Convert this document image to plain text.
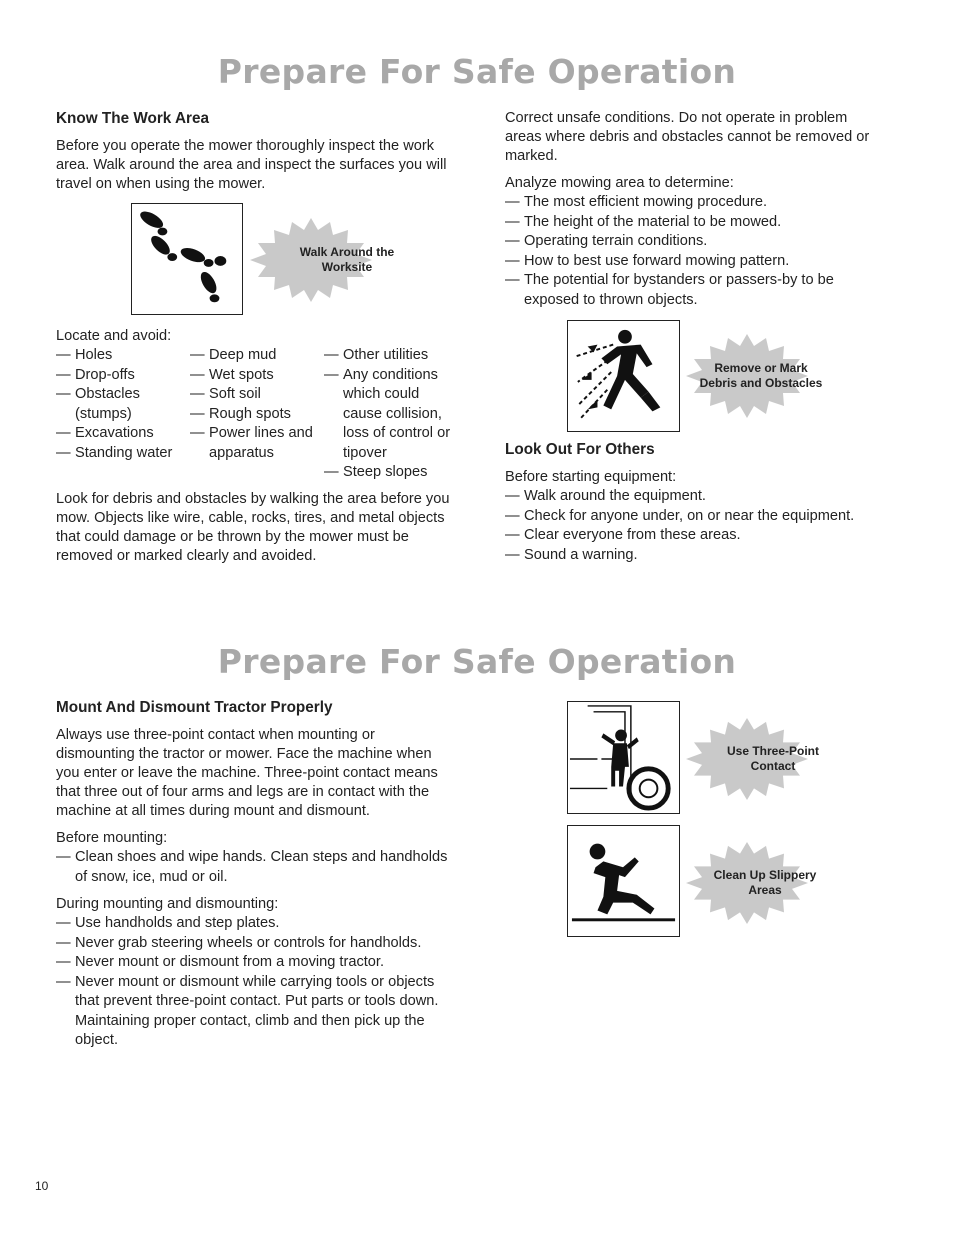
Prepare For Safe Operation
Know The Work Area

Before you operate the mower thoroughly inspect the work area. Walk around the area and inspect the surfaces you will travel on when using the mower.

Walk Around the Worksite

Locate and avoid:

— Holes
— Drop-offs
— Obstacles (stumps)
— Excavations
— Standing water
— Deep mud
— Wet spots
— Soft soil
— Rough spots
— Power lines and apparatus
— Other utilities
— Any conditions which could cause collision, loss of control or tipover
— Steep slopes

Look for debris and obstacles by walking the area before you mow. Objects like wire, cable, rocks, tires, and metal objects that could damage or be thrown by the mower must be removed or marked clearly and avoided.

Correct unsafe conditions. Do not operate in problem areas where debris and obstacles cannot be removed or marked.

Analyze mowing area to determine:

— The most efficient mowing procedure.
— The height of the material to be mowed.
— Operating terrain conditions.
— How to best use forward mowing pattern.
— The potential for bystanders or passers-by to be exposed to thrown objects.
Remove or Mark Debris and Obstacles
Look Out For Others

Before starting equipment:

— Walk around the equipment.
— Check for anyone under, on or near the equipment.
— Clear everyone from these areas.
— Sound a warning.
Prepare For Safe Operation
Mount And Dismount Tractor Properly

Always use three-point contact when mounting or dismounting the tractor or mower. Face the machine when you enter or leave the machine. Three-point contact means that three out of four arms and legs are in contact with the machine at all times during mount and dismount.

Before mounting:

— Clean shoes and wipe hands. Clean steps and handholds of snow, ice, mud or oil.

During mounting and dismounting:

— Use handholds and step plates.
— Never grab steering wheels or controls for handholds.
— Never mount or dismount from a moving tractor.
— Never mount or dismount while carrying tools or objects that prevent three-point contact. Put parts or tools down. Maintaining proper contact, climb and then pick up the object.
Use Three-Point Contact
Clean Up Slippery Areas
10
